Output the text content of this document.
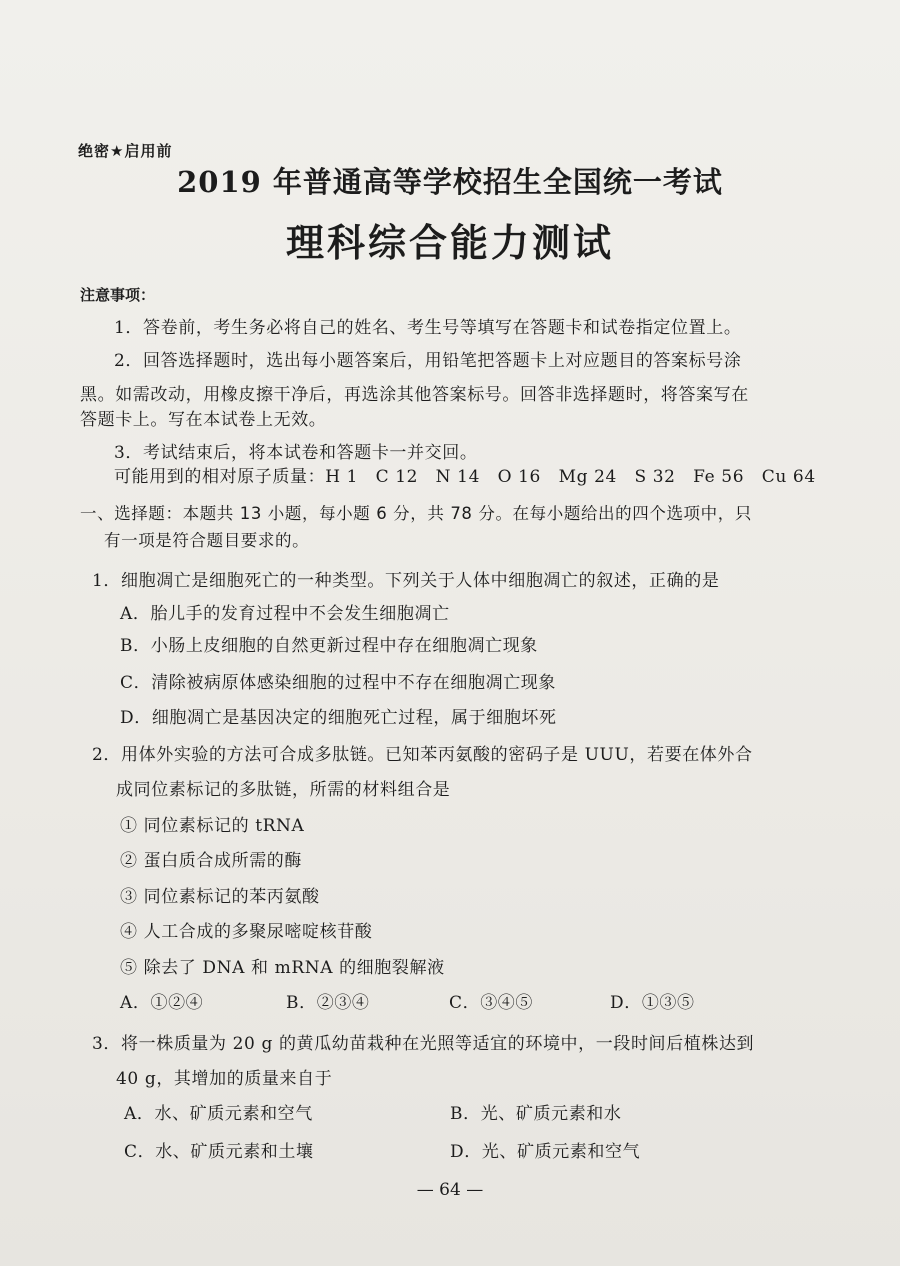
绝密★启用前
2019 年普通高等学校招生全国统一考试
理科综合能力测试
注意事项：
1．答卷前，考生务必将自己的姓名、考生号等填写在答题卡和试卷指定位置上。
2．回答选择题时，选出每小题答案后，用铅笔把答题卡上对应题目的答案标号涂
黑。如需改动，用橡皮擦干净后，再选涂其他答案标号。回答非选择题时，将答案写在
答题卡上。写在本试卷上无效。
3．考试结束后，将本试卷和答题卡一并交回。
可能用到的相对原子质量：H 1　C 12　N 14　O 16　Mg 24　S 32　Fe 56　Cu 64
一、选择题：本题共 13 小题，每小题 6 分，共 78 分。在每小题给出的四个选项中，只
有一项是符合题目要求的。
1．细胞凋亡是细胞死亡的一种类型。下列关于人体中细胞凋亡的叙述，正确的是
A．胎儿手的发育过程中不会发生细胞凋亡
B．小肠上皮细胞的自然更新过程中存在细胞凋亡现象
C．清除被病原体感染细胞的过程中不存在细胞凋亡现象
D．细胞凋亡是基因决定的细胞死亡过程，属于细胞坏死
2．用体外实验的方法可合成多肽链。已知苯丙氨酸的密码子是 UUU，若要在体外合
成同位素标记的多肽链，所需的材料组合是
① 同位素标记的 tRNA
② 蛋白质合成所需的酶
③ 同位素标记的苯丙氨酸
④ 人工合成的多聚尿嘧啶核苷酸
⑤ 除去了 DNA 和 mRNA 的细胞裂解液
A．①②④	B．②③④	C．③④⑤	D．①③⑤
3．将一株质量为 20 g 的黄瓜幼苗栽种在光照等适宜的环境中，一段时间后植株达到
40 g，其增加的质量来自于
A．水、矿质元素和空气	B．光、矿质元素和水
C．水、矿质元素和土壤	D．光、矿质元素和空气
— 64 —
